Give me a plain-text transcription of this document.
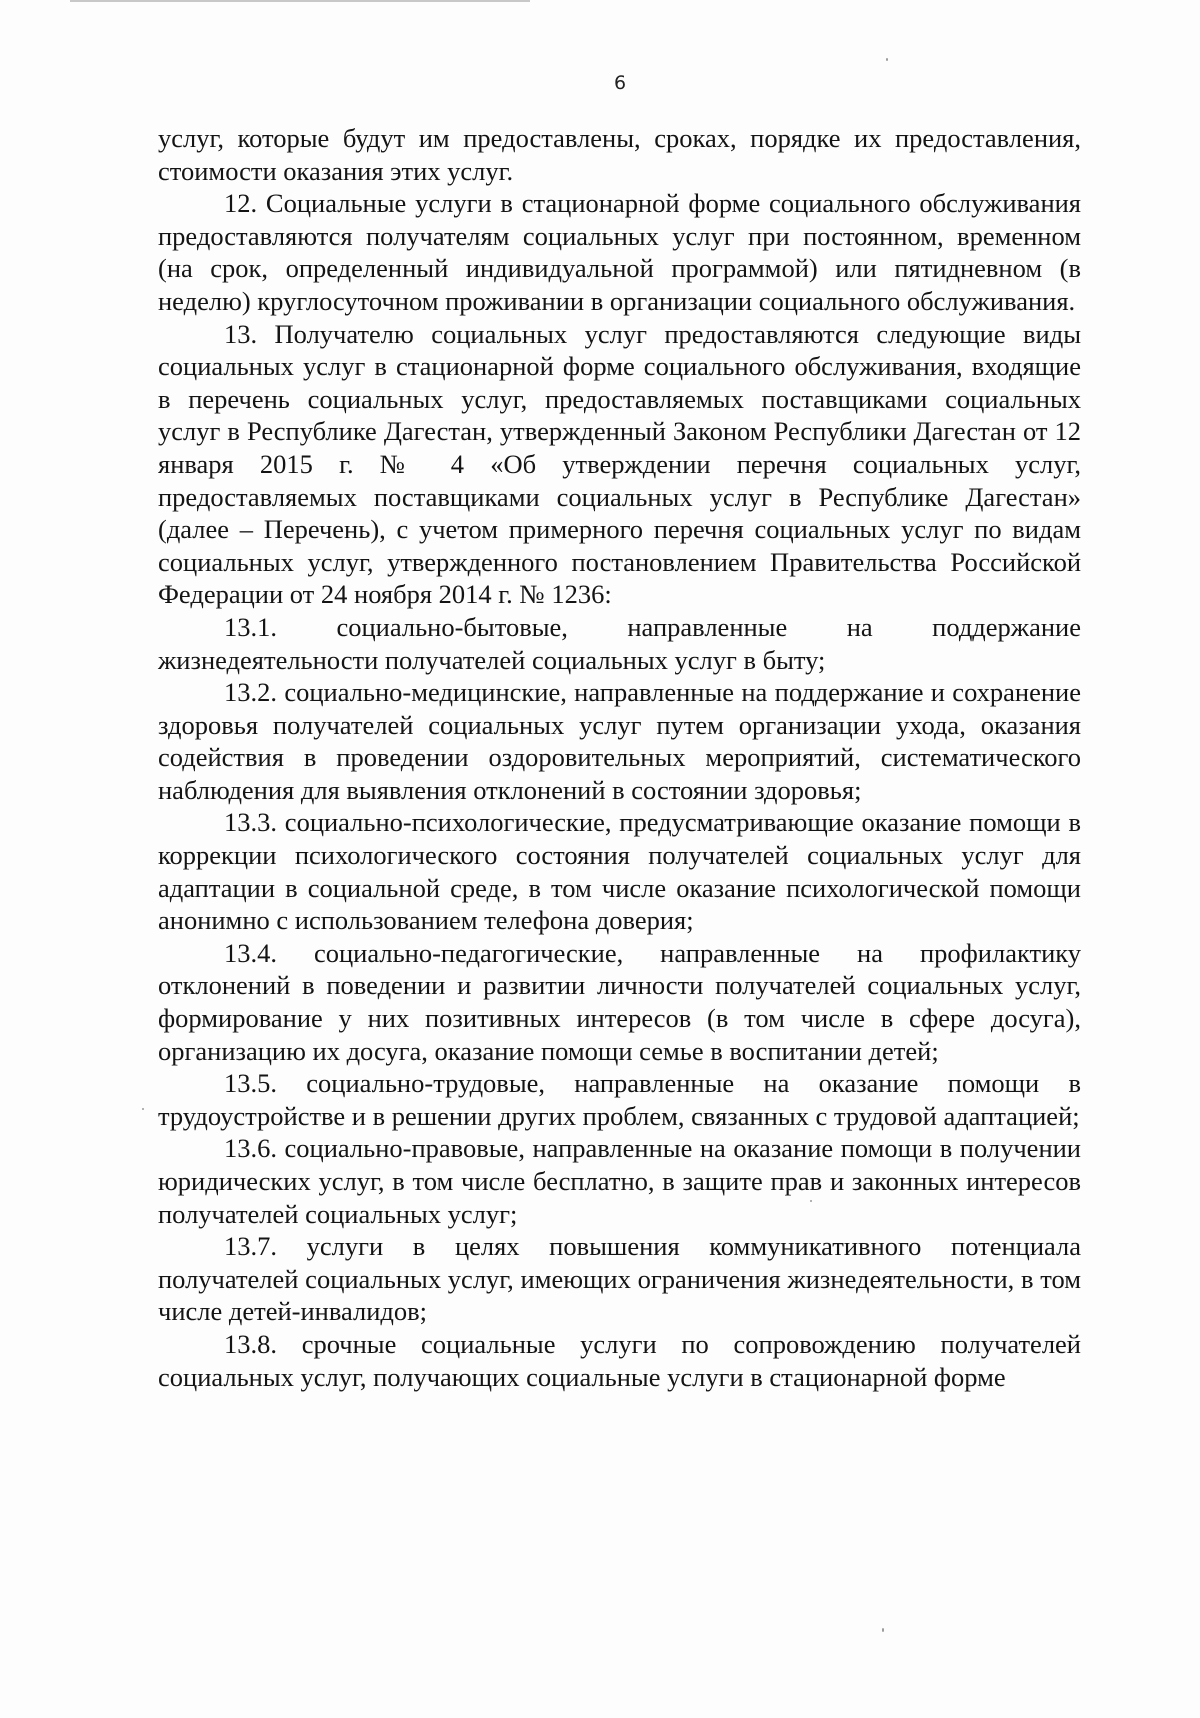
6

услуг, которые будут им предоставлены, сроках, порядке их предоставления, стоимости оказания этих услуг.

12. Социальные услуги в стационарной форме социального обслуживания предоставляются получателям социальных услуг при постоянном, временном (на срок, определенный индивидуальной программой) или пятидневном (в неделю) круглосуточном проживании в организации социального обслуживания.

13. Получателю социальных услуг предоставляются следующие виды социальных услуг в стационарной форме социального обслуживания, входящие в перечень социальных услуг, предоставляемых поставщиками социальных услуг в Республике Дагестан, утвержденный Законом Республики Дагестан от 12 января 2015 г. № 4 «Об утверждении перечня социальных услуг, предоставляемых поставщиками социальных услуг в Республике Дагестан» (далее – Перечень), с учетом примерного перечня социальных услуг по видам социальных услуг, утвержденного постановлением Правительства Российской Федерации от 24 ноября 2014 г. № 1236:

13.1. социально-бытовые, направленные на поддержание жизнедеятельности получателей социальных услуг в быту;

13.2. социально-медицинские, направленные на поддержание и сохранение здоровья получателей социальных услуг путем организации ухода, оказания содействия в проведении оздоровительных мероприятий, систематического наблюдения для выявления отклонений в состоянии здоровья;

13.3. социально-психологические, предусматривающие оказание помощи в коррекции психологического состояния получателей социальных услуг для адаптации в социальной среде, в том числе оказание психологической помощи анонимно с использованием телефона доверия;

13.4. социально-педагогические, направленные на профилактику отклонений в поведении и развитии личности получателей социальных услуг, формирование у них позитивных интересов (в том числе в сфере досуга), организацию их досуга, оказание помощи семье в воспитании детей;

13.5. социально-трудовые, направленные на оказание помощи в трудоустройстве и в решении других проблем, связанных с трудовой адаптацией;

13.6. социально-правовые, направленные на оказание помощи в получении юридических услуг, в том числе бесплатно, в защите прав и законных интересов получателей социальных услуг;

13.7. услуги в целях повышения коммуникативного потенциала получателей социальных услуг, имеющих ограничения жизнедеятельности, в том числе детей-инвалидов;

13.8. срочные социальные услуги по сопровождению получателей социальных услуг, получающих социальные услуги в стационарной форме
